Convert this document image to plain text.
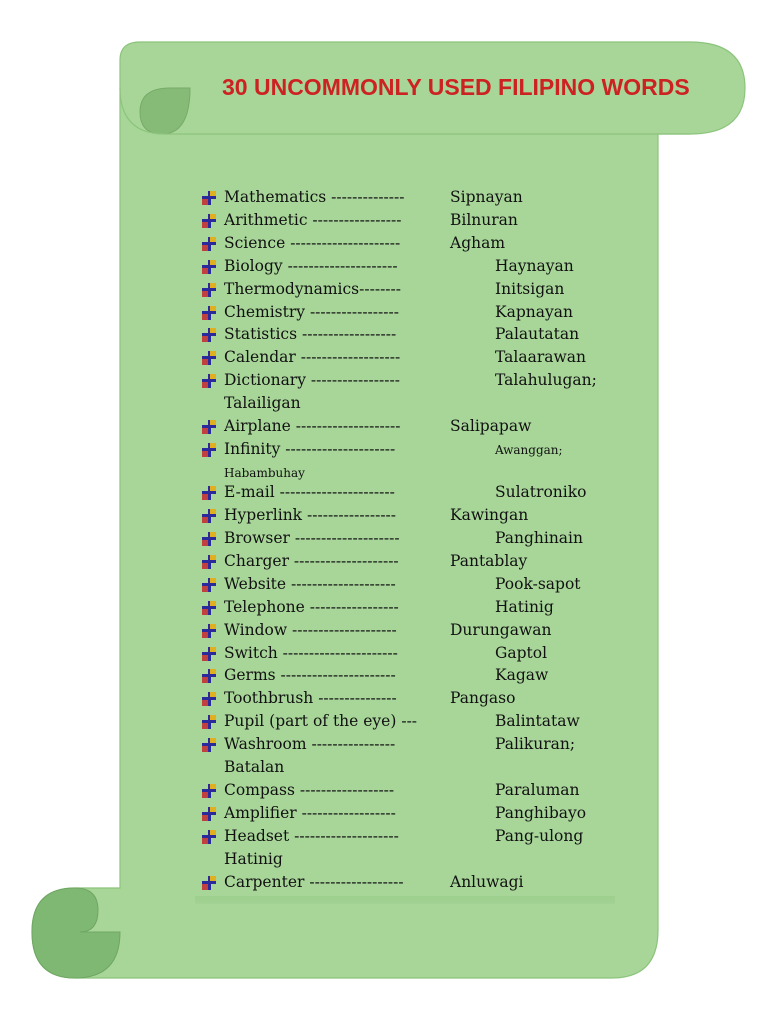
30 UNCOMMONLY USED FILIPINO WORDS
Mathematics --------------	Sipnayan
Arithmetic -----------------	Bilnuran
Science ---------------------	Agham
Biology ---------------------	Haynayan
Thermodynamics--------	Initsigan
Chemistry -----------------	Kapnayan
Statistics ------------------	Palautatan
Calendar -------------------	Talaarawan
Dictionary -----------------	Talahulugan;
Talailigan
Airplane --------------------	Salipapaw
Infinity ---------------------	Awanggan;
Habambuhay
E-mail ----------------------	Sulatroniko
Hyperlink -----------------	Kawingan
Browser --------------------	Panghinain
Charger --------------------	Pantablay
Website --------------------	Pook-sapot
Telephone -----------------	Hatinig
Window --------------------	Durungawan
Switch ----------------------	Gaptol
Germs ----------------------	Kagaw
Toothbrush ---------------	Pangaso
Pupil (part of the eye) ---	Balintataw
Washroom ----------------	Palikuran;
Batalan
Compass ------------------	Paraluman
Amplifier ------------------	Panghibayo
Headset --------------------	Pang-ulong
Hatinig
Carpenter ------------------	Anluwagi
